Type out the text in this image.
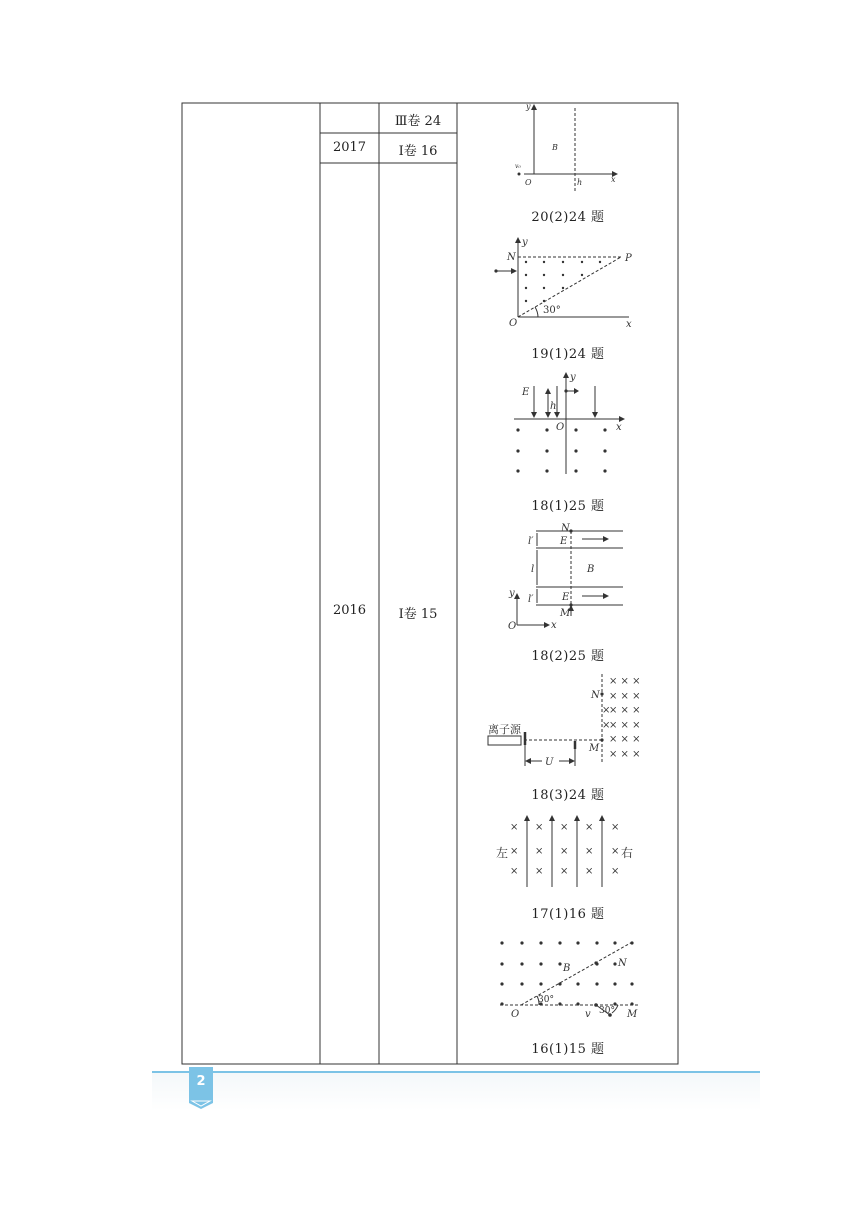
Ⅲ卷 24
2017	Ⅰ卷 16
2016	Ⅰ卷 15
y
x
O
B
h
v₀
20(2)24 题
y
x
O
N	P
30°
19(1)24 题
y
x
O
E
h
18(1)25 题
y
x
O
N
M
E
E
B
l
l′
l′
18(2)25 题
× × ×
× × ×
× × ×
× × ×
× × ×
× × ×
×
×
离子源
U
N
M
18(3)24 题
× × × × ×
× × × × ×
× × × × ×
左	右
17(1)16 题
B	N
O	M
v
30°
30°
16(1)15 题
2
